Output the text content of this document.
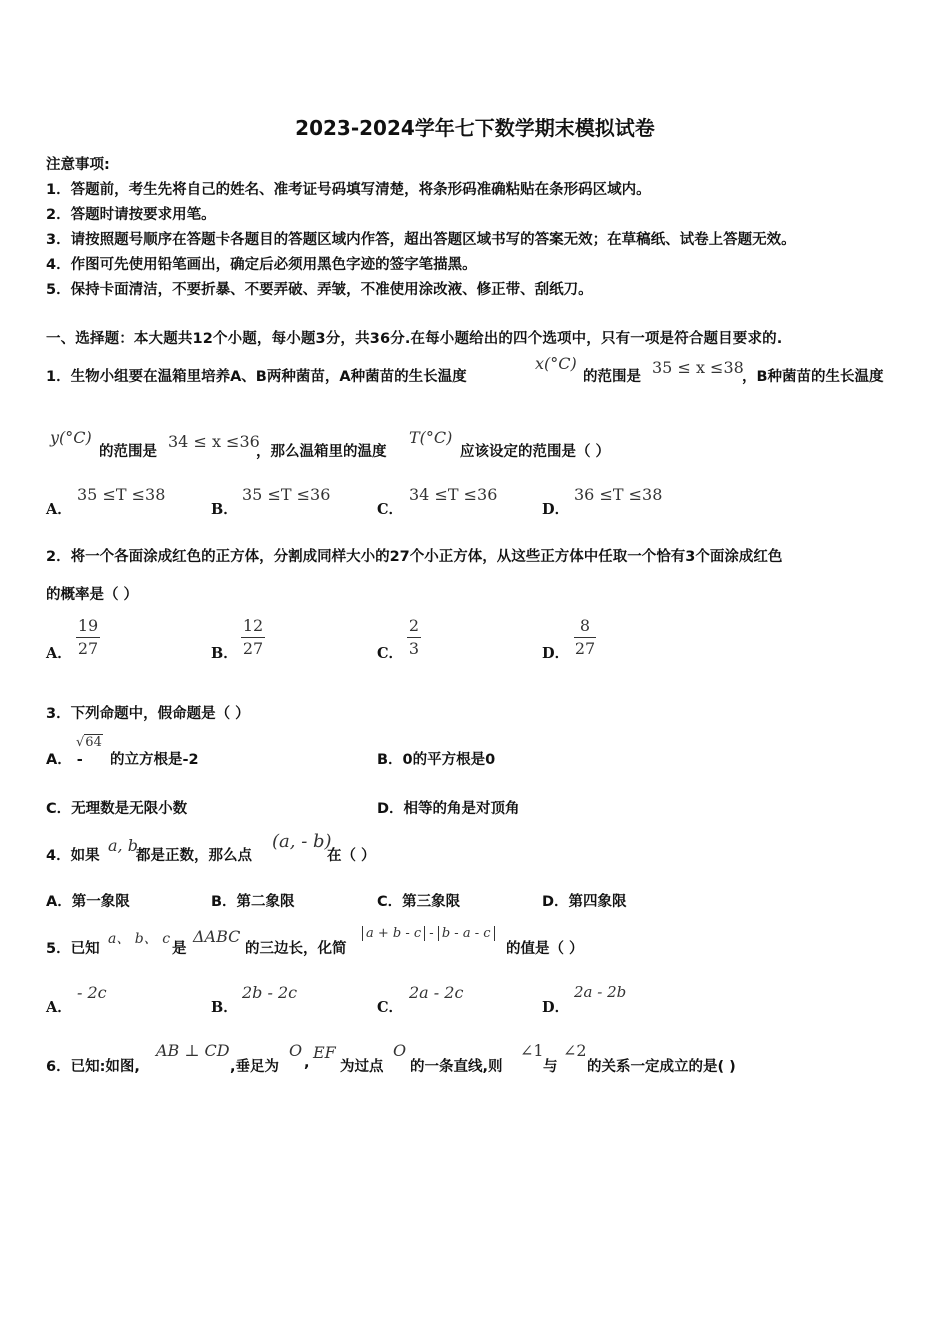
2023-2024学年七下数学期末模拟试卷
注意事项:
1．答题前，考生先将自己的姓名、准考证号码填写清楚，将条形码准确粘贴在条形码区域内。
2．答题时请按要求用笔。
3．请按照题号顺序在答题卡各题目的答题区域内作答，超出答题区域书写的答案无效；在草稿纸、试卷上答题无效。
4．作图可先使用铅笔画出，确定后必须用黑色字迹的签字笔描黑。
5．保持卡面清洁，不要折暴、不要弄破、弄皱，不准使用涂改液、修正带、刮纸刀。
一、选择题：本大题共12个小题，每小题3分，共36分.在每小题给出的四个选项中，只有一项是符合题目要求的.
1．生物小组要在温箱里培养A、B两种菌苗，A种菌苗的生长温度
x(°C)
的范围是 35 ≤ x ≤38
，B种菌苗的生长温度
y(°C)
的范围是
34 ≤ x ≤36
，那么温箱里的温度
T(°C)
应该设定的范围是（ ）
A．
35 ≤T ≤38
B．
35 ≤T ≤36
C．
34 ≤T ≤36
D．
36 ≤T ≤38
2．将一个各面涂成红色的正方体，分割成同样大小的27个小正方体，从这些正方体中任取一个恰有3个面涂成红色
的概率是（ ）
A．
19
27	B．
12
27	C．
2
3	D．
8
27
3．下列命题中，假命题是（ ）
A． -
√64
的立方根是-2	B．0的平方根是0
C．无理数是无限小数	D．相等的角是对顶角
4．如果
a, b
都是正数，那么点
(a, - b)
在（ ）
A．第一象限	B．第二象限	C．第三象限	D．第四象限
5．已知
a、 b、 c
是
ΔABC
的三边长，化简
a + b - c - b - a - c
的值是（ ）
A．
- 2c
B．
2b - 2c
C．
2a - 2c
D．
2a - 2b
6．已知:如图,
AB ⊥ CD
,垂足为
O
,
EF
为过点
O
的一条直线,则
∠1
与
∠2
的关系一定成立的是( )
